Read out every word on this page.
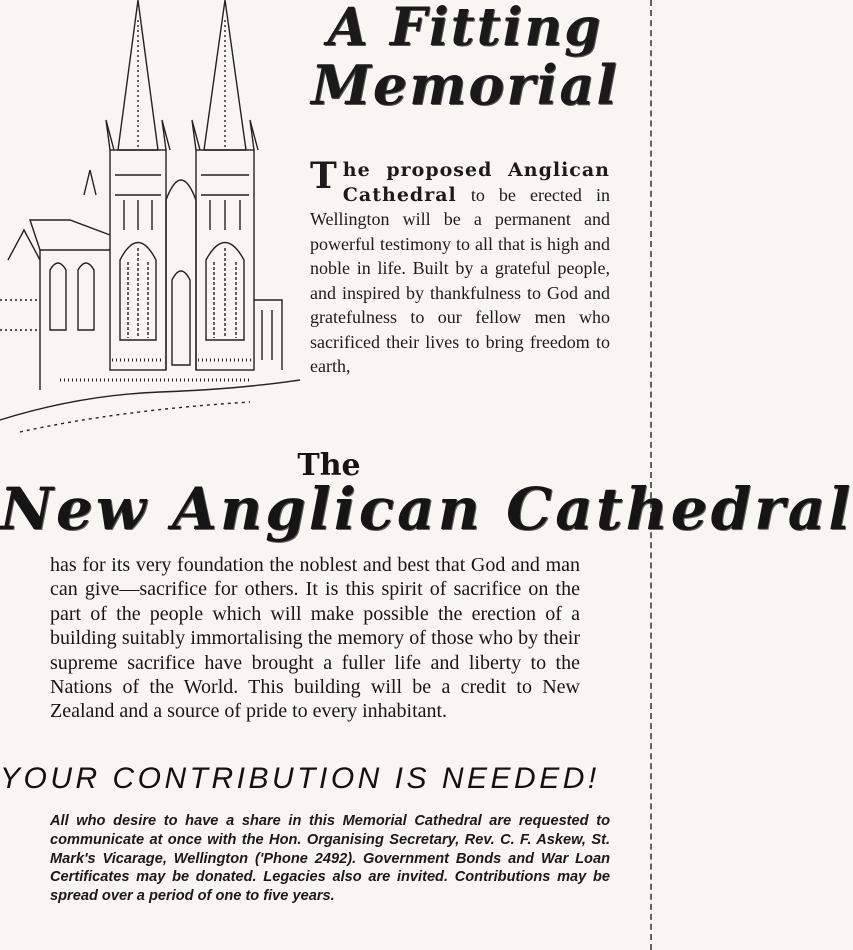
A Fitting
Memorial
The proposed Anglican Cathedral to be erected in Wellington will be a permanent and powerful testimony to all that is high and noble in life. Built by a grateful people, and inspired by thankfulness to God and gratefulness to our fellow men who sacrificed their lives to bring freedom to earth,
The
New Anglican Cathedral
has for its very foundation the noblest and best that God and man can give—sacrifice for others. It is this spirit of sacrifice on the part of the people which will make possible the erection of a building suitably immortalising the memory of those who by their supreme sacrifice have brought a fuller life and liberty to the Nations of the World. This building will be a credit to New Zealand and a source of pride to every inhabitant.
YOUR CONTRIBUTION IS NEEDED!
All who desire to have a share in this Memorial Cathedral are requested to communicate at once with the Hon. Organising Secretary, Rev. C. F. Askew, St. Mark's Vicarage, Wellington ('Phone 2492). Government Bonds and War Loan Certificates may be donated. Legacies also are invited. Contributions may be spread over a period of one to five years.
